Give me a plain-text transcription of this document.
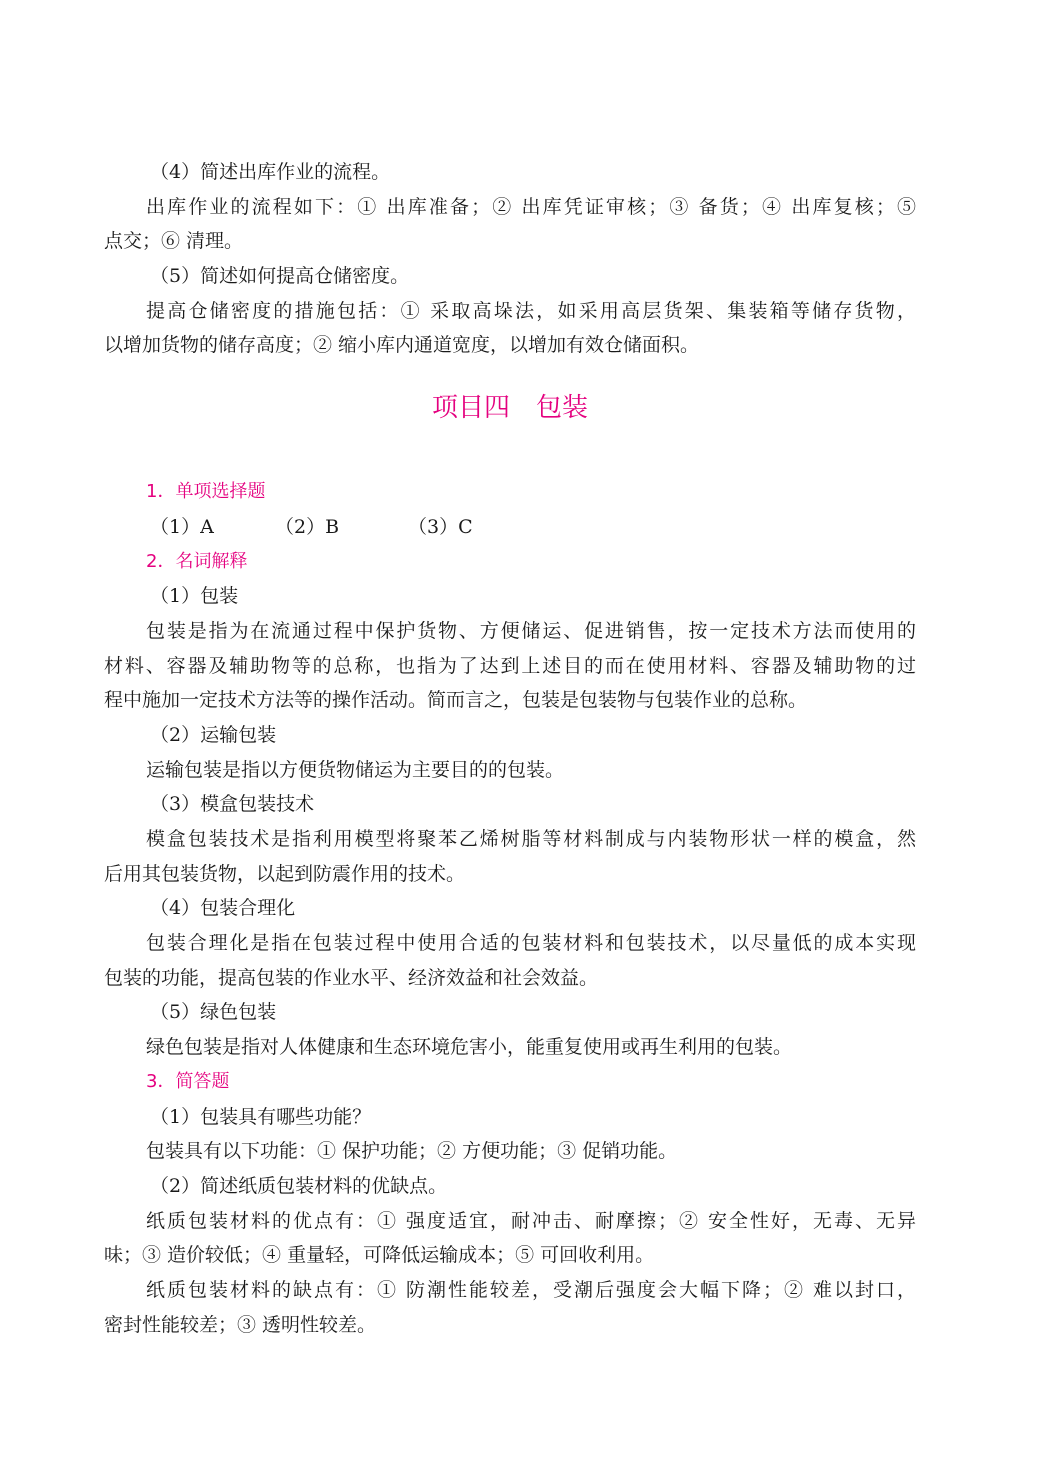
（4）简述出库作业的流程。
出库作业的流程如下：① 出库准备；② 出库凭证审核；③ 备货；④ 出库复核；⑤
点交；⑥ 清理。
（5）简述如何提高仓储密度。
提高仓储密度的措施包括：① 采取高垛法，如采用高层货架、集装箱等储存货物，
以增加货物的储存高度；② 缩小库内通道宽度，以增加有效仓储面积。
项目四　包装
1．单项选择题
（1）A	（2）B	（3）C
2．名词解释
（1）包装
包装是指为在流通过程中保护货物、方便储运、促进销售，按一定技术方法而使用的
材料、容器及辅助物等的总称，也指为了达到上述目的而在使用材料、容器及辅助物的过
程中施加一定技术方法等的操作活动。简而言之，包装是包装物与包装作业的总称。
（2）运输包装
运输包装是指以方便货物储运为主要目的的包装。
（3）模盒包装技术
模盒包装技术是指利用模型将聚苯乙烯树脂等材料制成与内装物形状一样的模盒，然
后用其包装货物，以起到防震作用的技术。
（4）包装合理化
包装合理化是指在包装过程中使用合适的包装材料和包装技术，以尽量低的成本实现
包装的功能，提高包装的作业水平、经济效益和社会效益。
（5）绿色包装
绿色包装是指对人体健康和生态环境危害小，能重复使用或再生利用的包装。
3．简答题
（1）包装具有哪些功能？
包装具有以下功能：① 保护功能；② 方便功能；③ 促销功能。
（2）简述纸质包装材料的优缺点。
纸质包装材料的优点有：① 强度适宜，耐冲击、耐摩擦；② 安全性好，无毒、无异
味；③ 造价较低；④ 重量轻，可降低运输成本；⑤ 可回收利用。
纸质包装材料的缺点有：① 防潮性能较差，受潮后强度会大幅下降；② 难以封口，
密封性能较差；③ 透明性较差。
